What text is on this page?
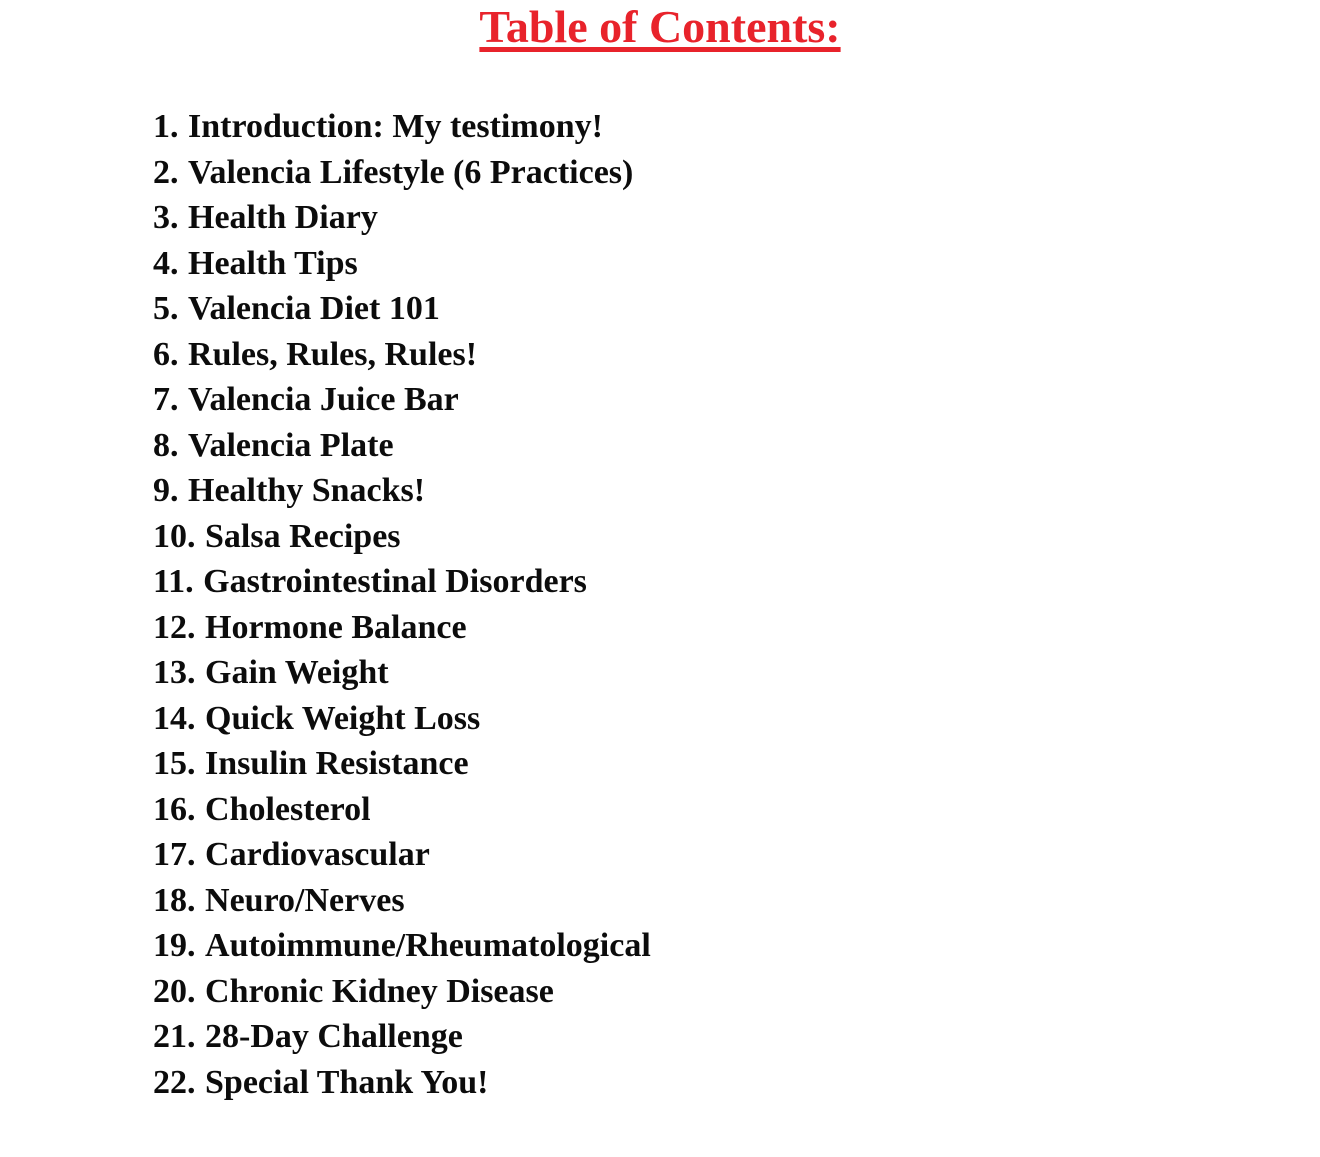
Table of Contents:
1. Introduction: My testimony!
2. Valencia Lifestyle (6 Practices)
3. Health Diary
4. Health Tips
5. Valencia Diet 101
6. Rules, Rules, Rules!
7. Valencia Juice Bar
8. Valencia Plate
9. Healthy Snacks!
10. Salsa Recipes
11. Gastrointestinal Disorders
12. Hormone Balance
13. Gain Weight
14. Quick Weight Loss
15. Insulin Resistance
16. Cholesterol
17. Cardiovascular
18. Neuro/Nerves
19. Autoimmune/Rheumatological
20. Chronic Kidney Disease
21. 28-Day Challenge
22. Special Thank You!
